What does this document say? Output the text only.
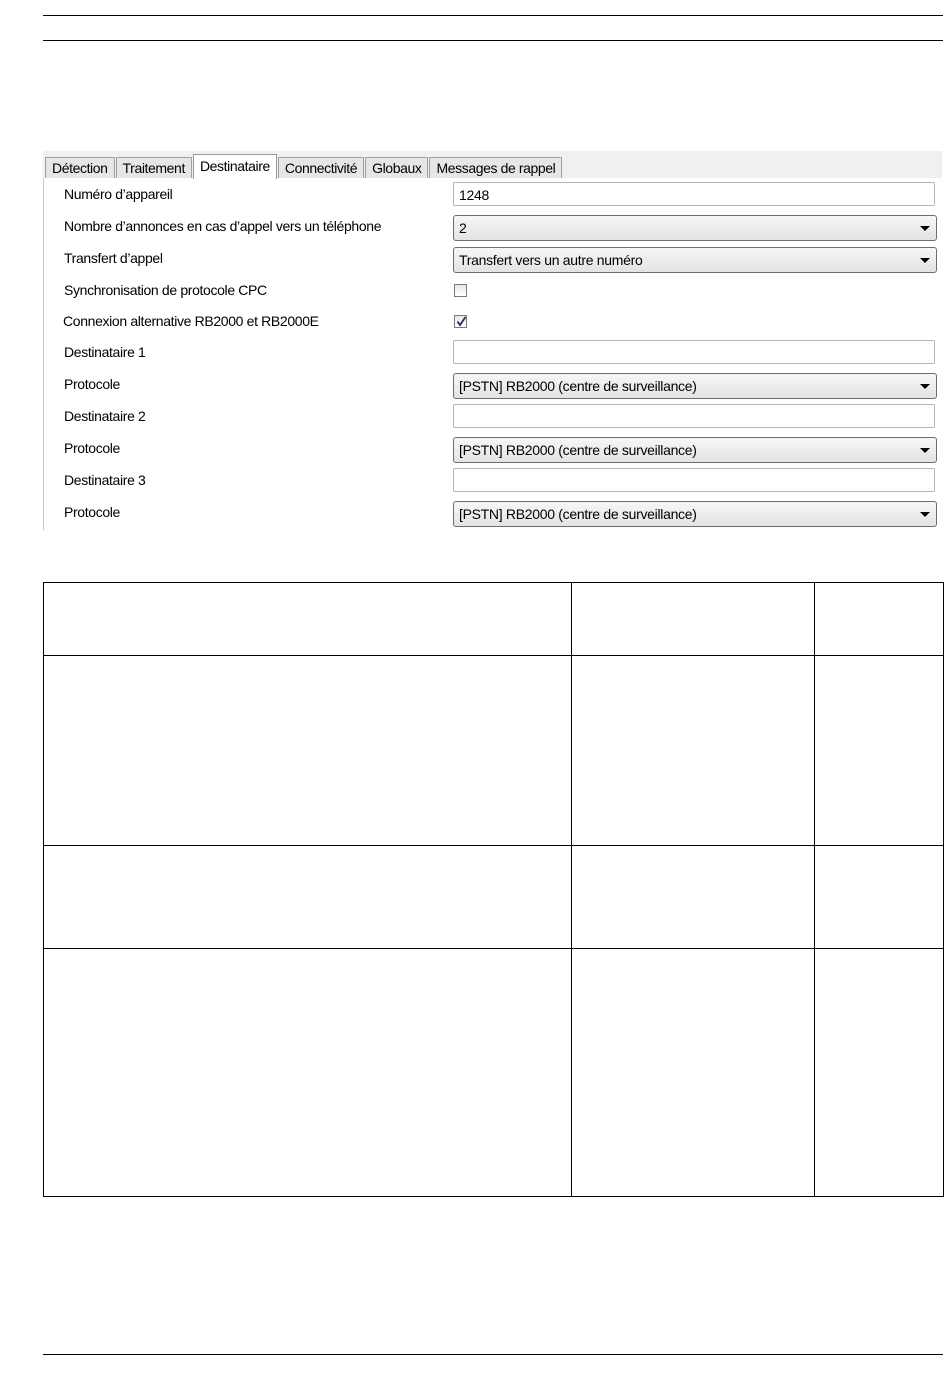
Détection	Traitement	Destinataire	Connectivité	Globaux	Messages de rappel
Numéro d’appareil	1248
Nombre d’annonces en cas d’appel vers un téléphone	2
Transfert d’appel	Transfert vers un autre numéro
Synchronisation de protocole CPC
Connexion alternative RB2000 et RB2000E
Destinataire 1
Protocole	[PSTN] RB2000 (centre de surveillance)
Destinataire 2
Protocole	[PSTN] RB2000 (centre de surveillance)
Destinataire 3
Protocole	[PSTN] RB2000 (centre de surveillance)
